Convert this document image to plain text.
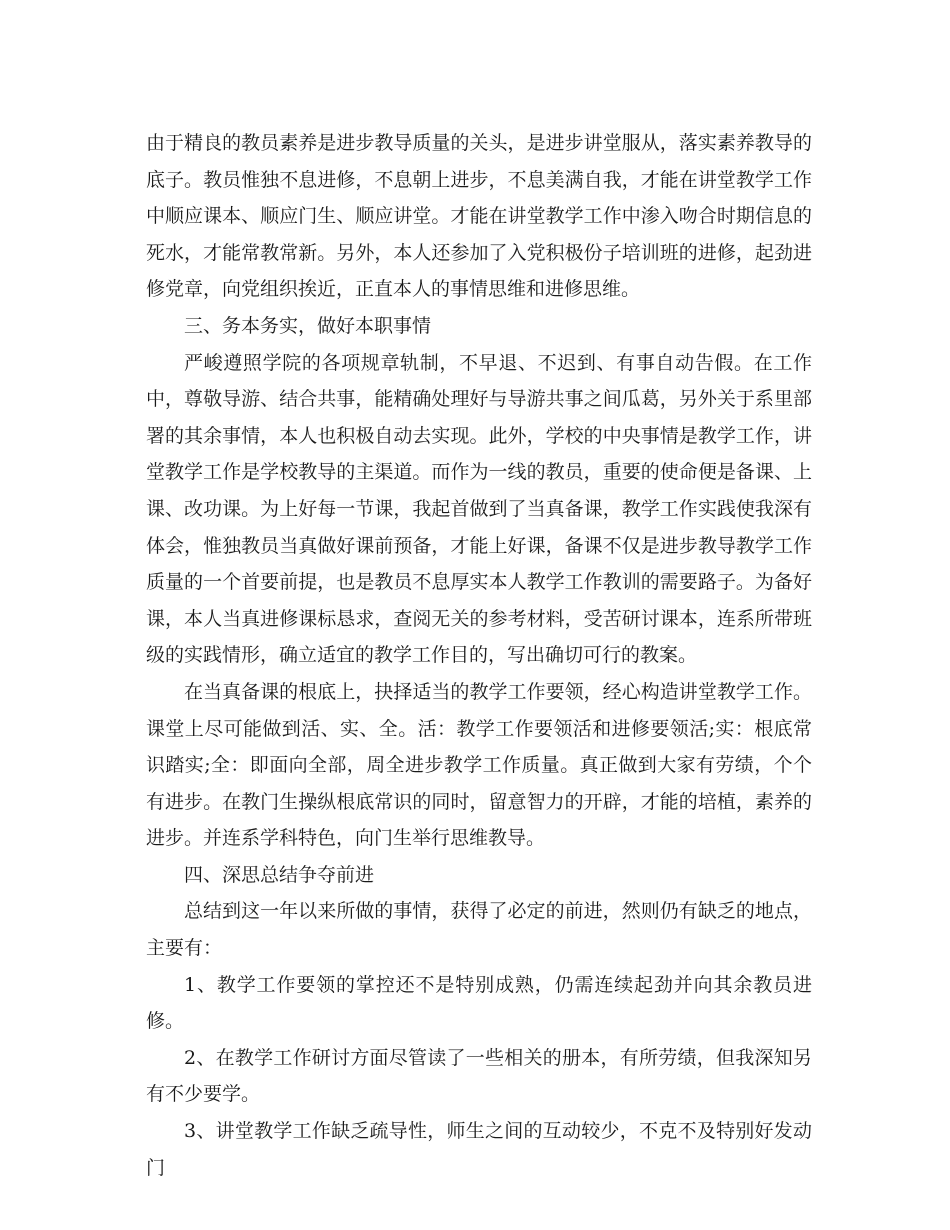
由于精良的教员素养是进步教导质量的关头，是进步讲堂服从，落实素养教导的底子。教员惟独不息进修，不息朝上进步，不息美满自我，才能在讲堂教学工作中顺应课本、顺应门生、顺应讲堂。才能在讲堂教学工作中渗入吻合时期信息的死水，才能常教常新。另外，本人还参加了入党积极份子培训班的进修，起劲进修党章，向党组织挨近，正直本人的事情思维和进修思维。

三、务本务实，做好本职事情

严峻遵照学院的各项规章轨制，不早退、不迟到、有事自动告假。在工作中，尊敬导游、结合共事，能精确处理好与导游共事之间瓜葛，另外关于系里部署的其余事情，本人也积极自动去实现。此外，学校的中央事情是教学工作，讲堂教学工作是学校教导的主渠道。而作为一线的教员，重要的使命便是备课、上课、改功课。为上好每一节课，我起首做到了当真备课，教学工作实践使我深有体会，惟独教员当真做好课前预备，才能上好课，备课不仅是进步教导教学工作质量的一个首要前提，也是教员不息厚实本人教学工作教训的需要路子。为备好课，本人当真进修课标恳求，查阅无关的参考材料，受苦研讨课本，连系所带班级的实践情形，确立适宜的教学工作目的，写出确切可行的教案。

在当真备课的根底上，抉择适当的教学工作要领，经心构造讲堂教学工作。课堂上尽可能做到活、实、全。活：教学工作要领活和进修要领活;实：根底常识踏实;全：即面向全部，周全进步教学工作质量。真正做到大家有劳绩，个个有进步。在教门生操纵根底常识的同时，留意智力的开辟，才能的培植，素养的进步。并连系学科特色，向门生举行思维教导。

四、深思总结争夺前进

总结到这一年以来所做的事情，获得了必定的前进，然则仍有缺乏的地点，主要有：

1、教学工作要领的掌控还不是特别成熟，仍需连续起劲并向其余教员进修。

2、在教学工作研讨方面尽管读了一些相关的册本，有所劳绩，但我深知另有不少要学。

3、讲堂教学工作缺乏疏导性，师生之间的互动较少，不克不及特别好发动门
